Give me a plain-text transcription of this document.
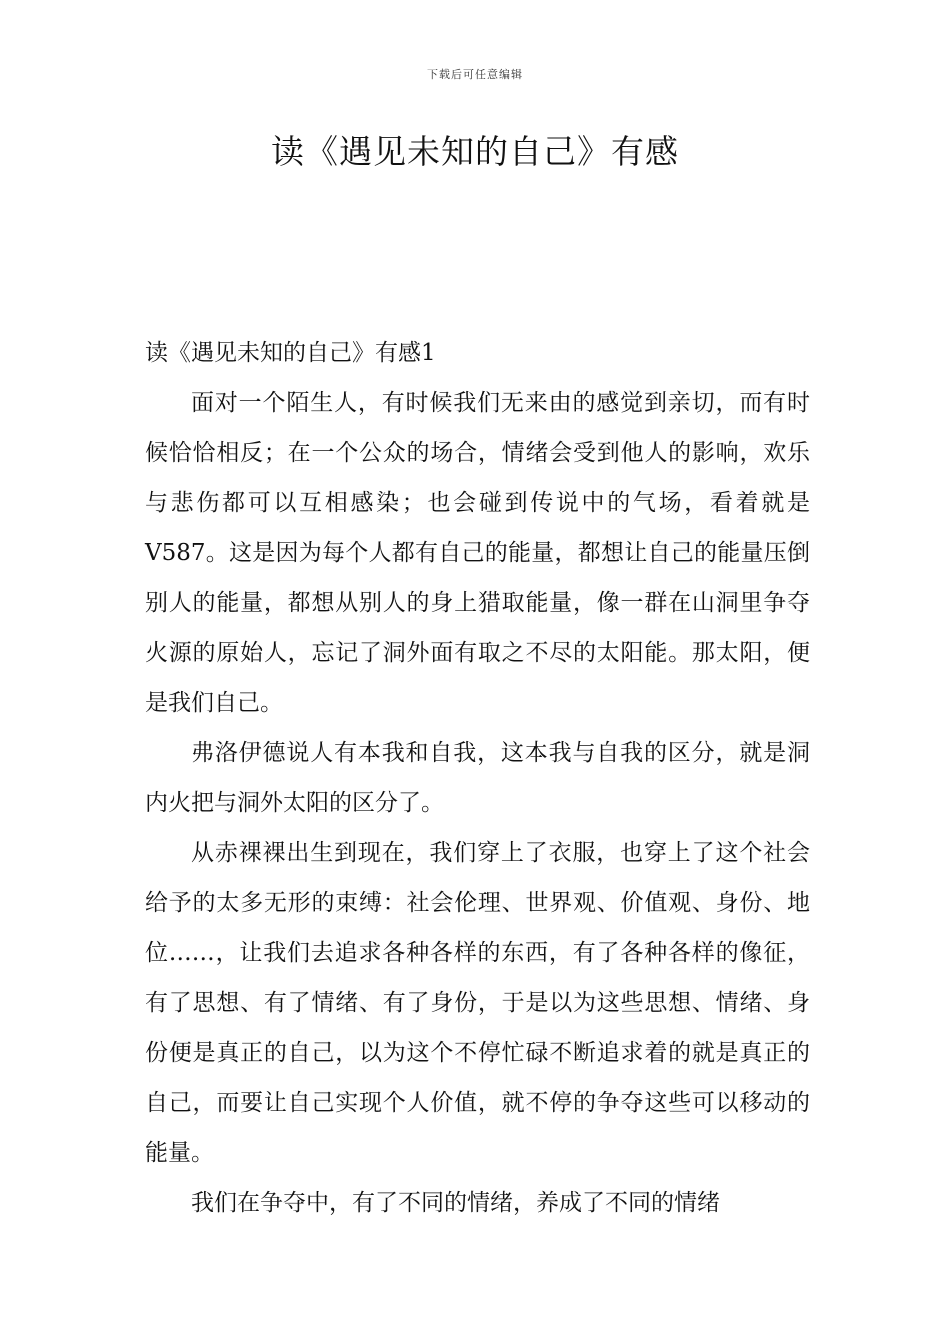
下载后可任意编辑
读《遇见未知的自己》有感
读《遇见未知的自己》有感1

面对一个陌生人，有时候我们无来由的感觉到亲切，而有时候恰恰相反；在一个公众的场合，情绪会受到他人的影响，欢乐与悲伤都可以互相感染；也会碰到传说中的气场，看着就是V587。这是因为每个人都有自己的能量，都想让自己的能量压倒别人的能量，都想从别人的身上猎取能量，像一群在山洞里争夺火源的原始人，忘记了洞外面有取之不尽的太阳能。那太阳，便是我们自己。

弗洛伊德说人有本我和自我，这本我与自我的区分，就是洞内火把与洞外太阳的区分了。

从赤裸裸出生到现在，我们穿上了衣服，也穿上了这个社会给予的太多无形的束缚：社会伦理、世界观、价值观、身份、地位……，让我们去追求各种各样的东西，有了各种各样的像征，有了思想、有了情绪、有了身份，于是以为这些思想、情绪、身份便是真正的自己，以为这个不停忙碌不断追求着的就是真正的自己，而要让自己实现个人价值，就不停的争夺这些可以移动的能量。

我们在争夺中，有了不同的情绪，养成了不同的情绪
